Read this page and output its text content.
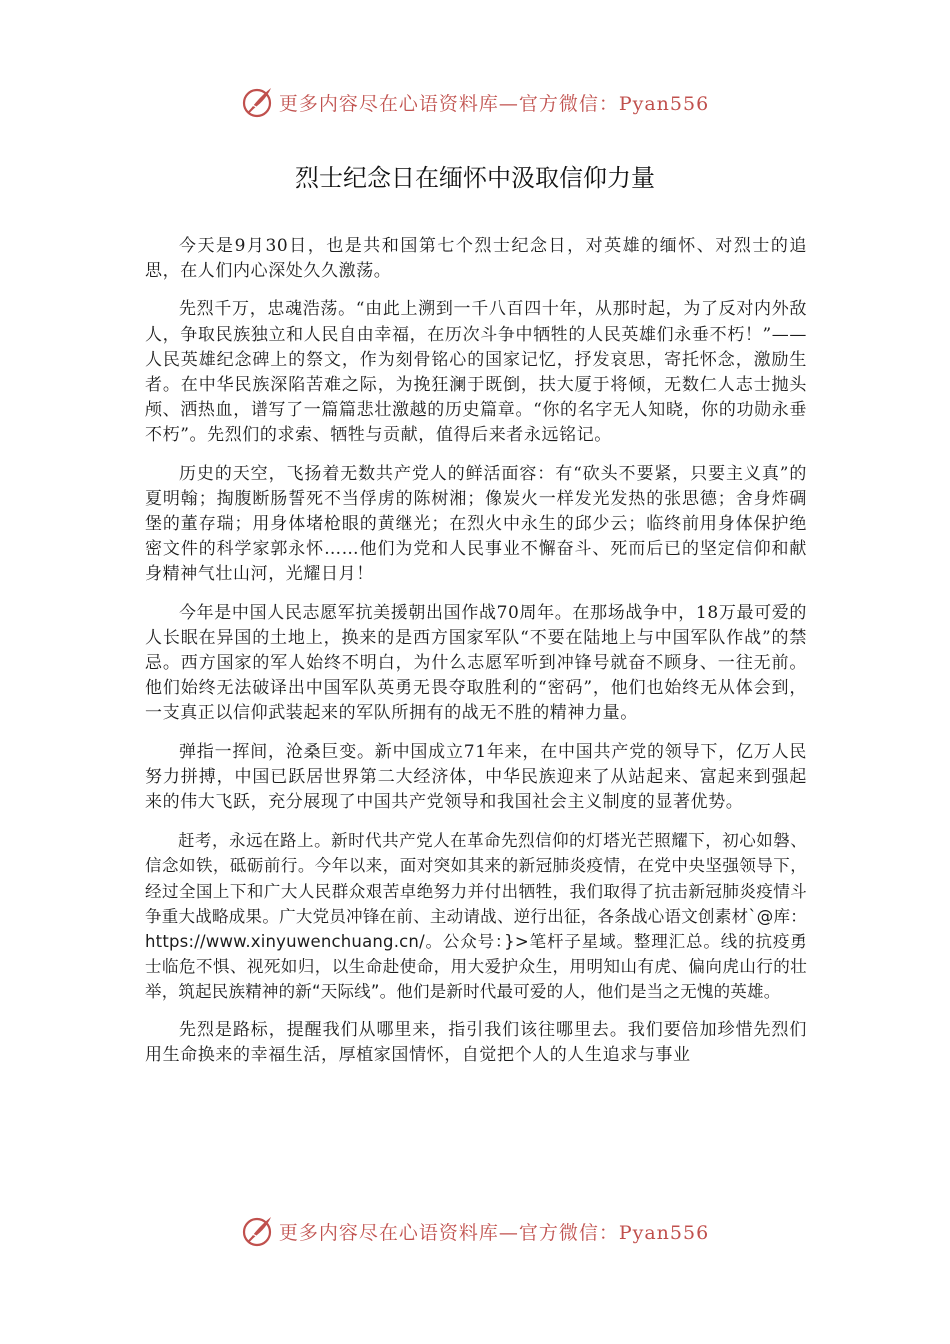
更多内容尽在心语资料库—官方微信：Pyan556
烈士纪念日在缅怀中汲取信仰力量

今天是9月30日，也是共和国第七个烈士纪念日，对英雄的缅怀、对烈士的追思，在人们内心深处久久激荡。

先烈千万，忠魂浩荡。“由此上溯到一千八百四十年，从那时起，为了反对内外敌人，争取民族独立和人民自由幸福，在历次斗争中牺牲的人民英雄们永垂不朽！”——人民英雄纪念碑上的祭文，作为刻骨铭心的国家记忆，抒发哀思，寄托怀念，激励生者。在中华民族深陷苦难之际，为挽狂澜于既倒，扶大厦于将倾，无数仁人志士抛头颅、洒热血，谱写了一篇篇悲壮激越的历史篇章。“你的名字无人知晓，你的功勋永垂不朽”。先烈们的求索、牺牲与贡献，值得后来者永远铭记。

历史的天空，飞扬着无数共产党人的鲜活面容：有“砍头不要紧，只要主义真”的夏明翰；掏腹断肠誓死不当俘虏的陈树湘；像炭火一样发光发热的张思德；舍身炸碉堡的董存瑞；用身体堵枪眼的黄继光；在烈火中永生的邱少云；临终前用身体保护绝密文件的科学家郭永怀……他们为党和人民事业不懈奋斗、死而后已的坚定信仰和献身精神气壮山河，光耀日月！

今年是中国人民志愿军抗美援朝出国作战70周年。在那场战争中，18万最可爱的人长眠在异国的土地上，换来的是西方国家军队“不要在陆地上与中国军队作战”的禁忌。西方国家的军人始终不明白，为什么志愿军听到冲锋号就奋不顾身、一往无前。他们始终无法破译出中国军队英勇无畏夺取胜利的“密码”，他们也始终无从体会到，一支真正以信仰武装起来的军队所拥有的战无不胜的精神力量。

弹指一挥间，沧桑巨变。新中国成立71年来，在中国共产党的领导下，亿万人民努力拼搏，中国已跃居世界第二大经济体，中华民族迎来了从站起来、富起来到强起来的伟大飞跃，充分展现了中国共产党领导和我国社会主义制度的显著优势。

赶考，永远在路上。新时代共产党人在革命先烈信仰的灯塔光芒照耀下，初心如磐、信念如铁，砥砺前行。今年以来，面对突如其来的新冠肺炎疫情，在党中央坚强领导下，经过全国上下和广大人民群众艰苦卓绝努力并付出牺牲，我们取得了抗击新冠肺炎疫情斗争重大战略成果。广大党员冲锋在前、主动请战、逆行出征，各条战心语文创素材`@库：https://www.xinyuwenchuang.cn/。公众号：}>笔杆子星域。整理汇总。线的抗疫勇士临危不惧、视死如归，以生命赴使命，用大爱护众生，用明知山有虎、偏向虎山行的壮举，筑起民族精神的新“天际线”。他们是新时代最可爱的人，他们是当之无愧的英雄。

先烈是路标，提醒我们从哪里来，指引我们该往哪里去。我们要倍加珍惜先烈们用生命换来的幸福生活，厚植家国情怀，自觉把个人的人生追求与事业

更多内容尽在心语资料库—官方微信：Pyan556
